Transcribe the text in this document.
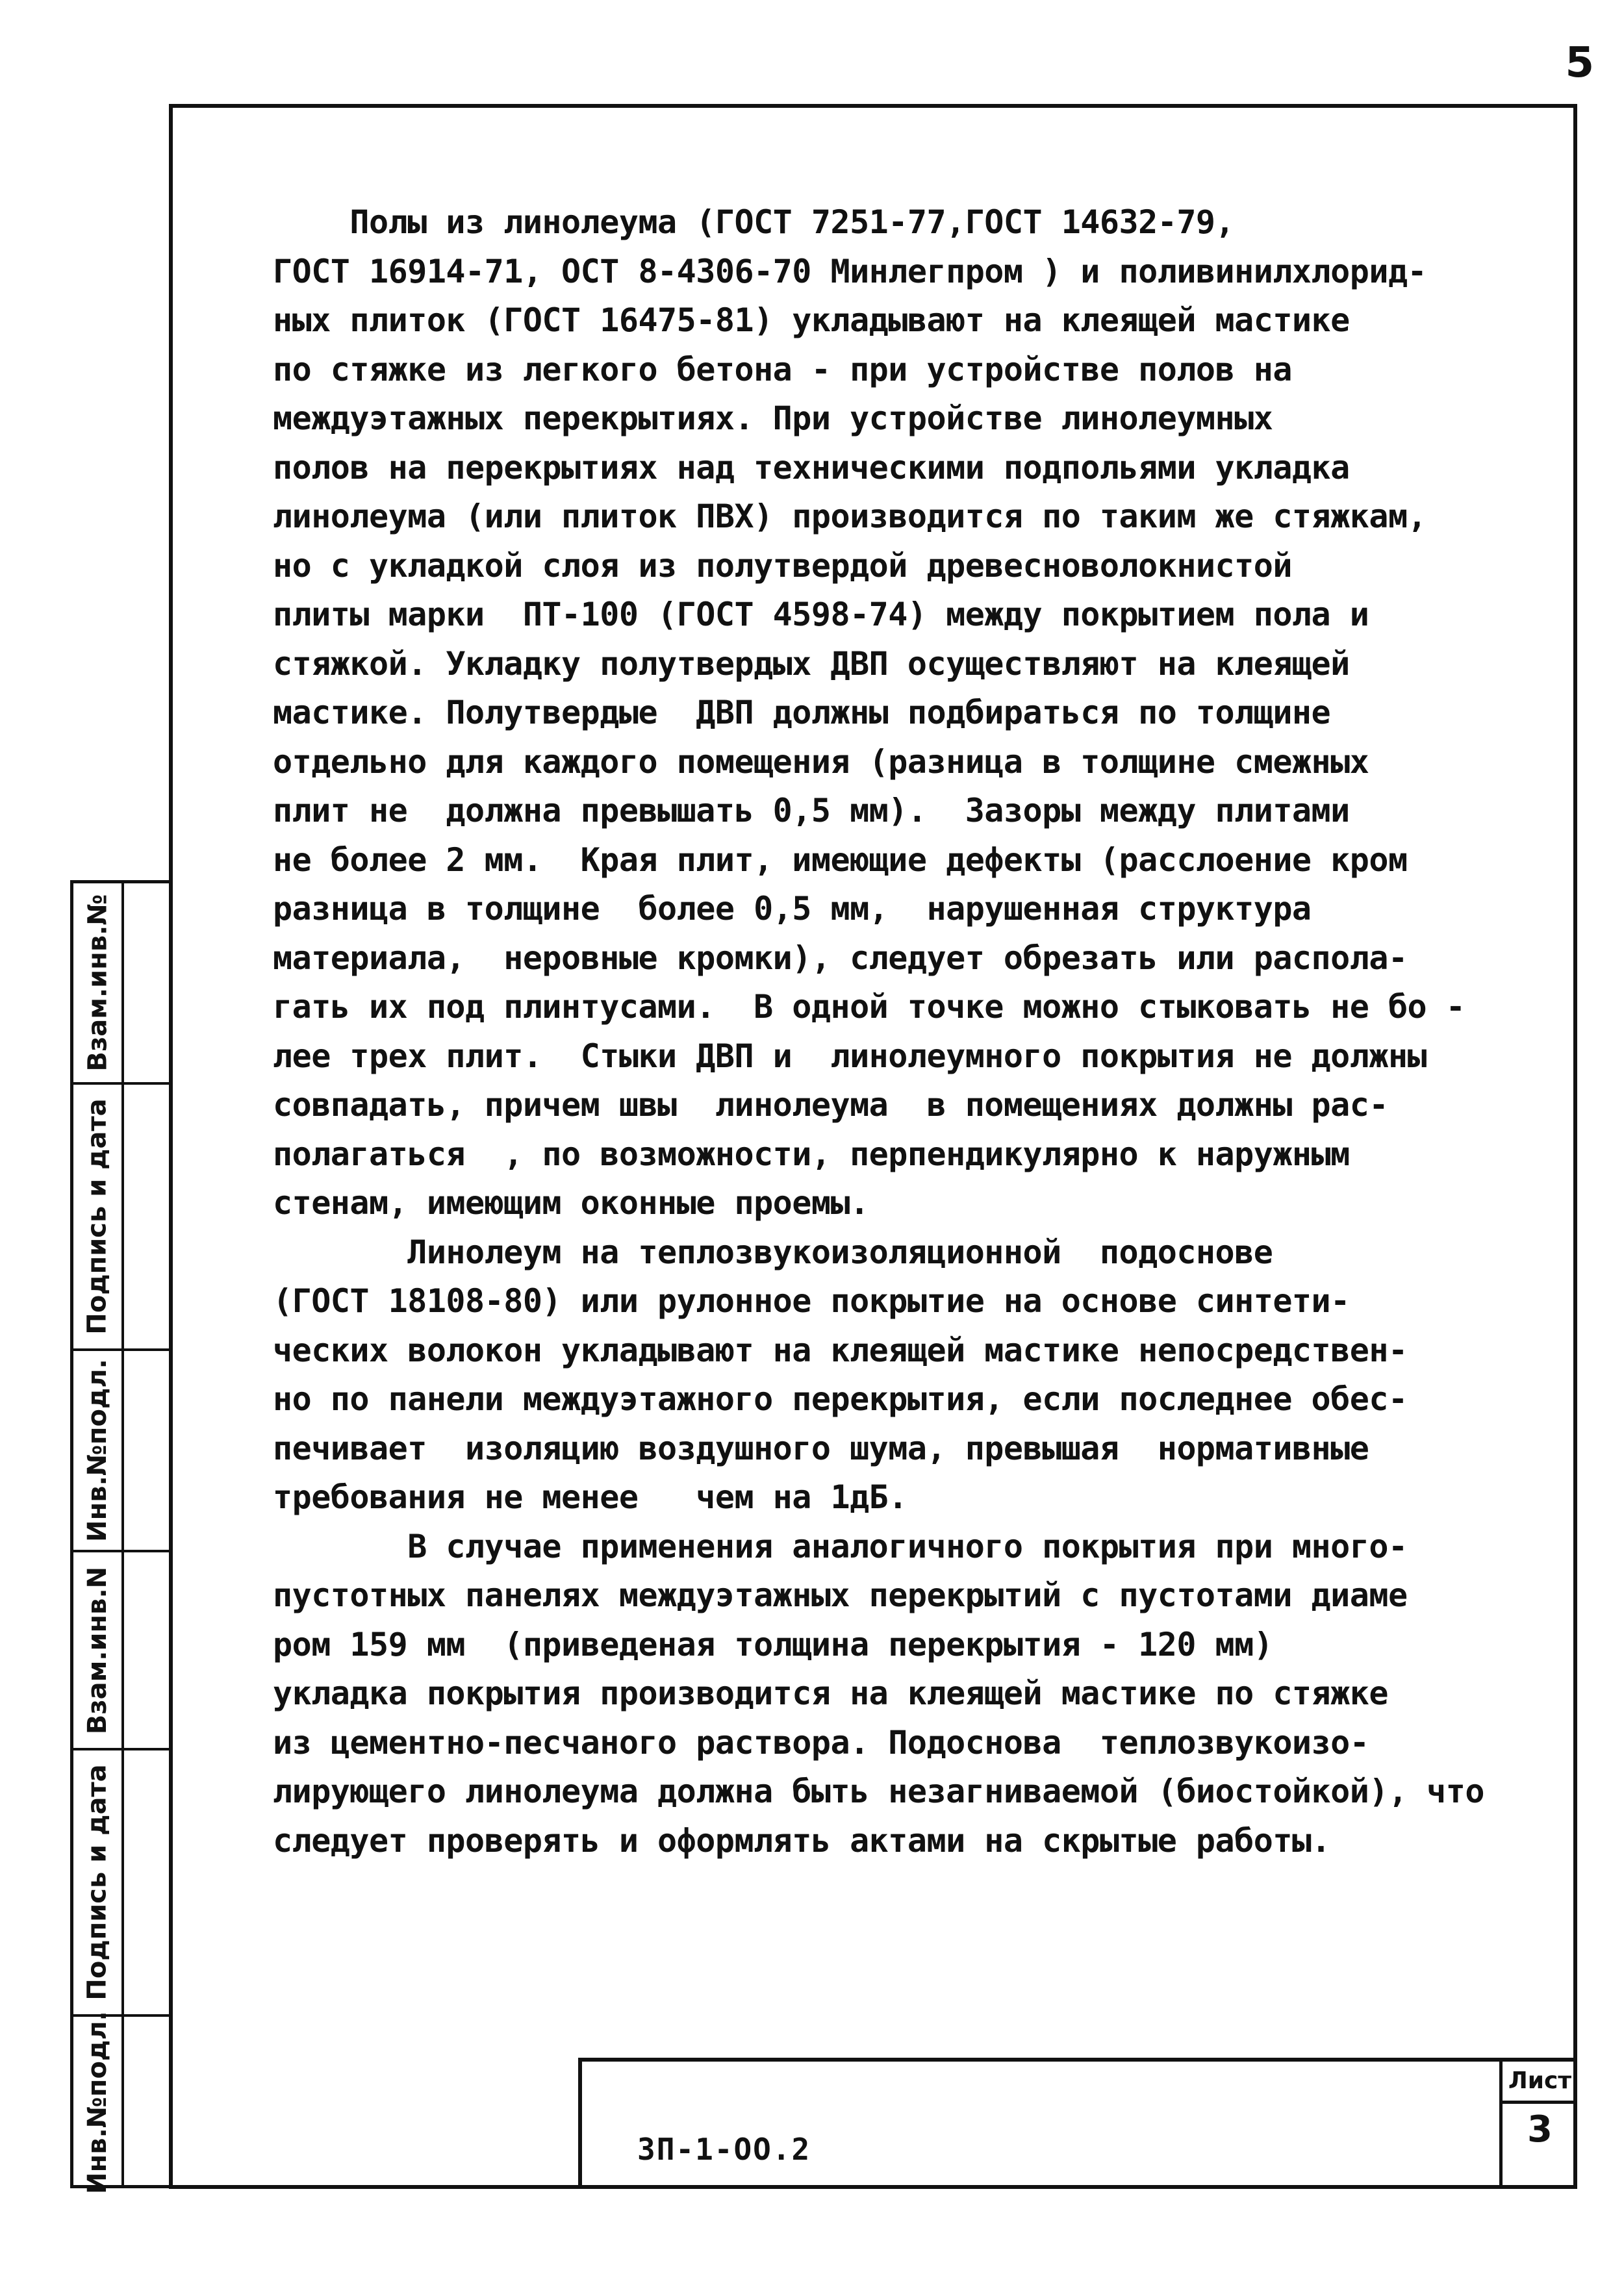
5
Полы из линолеума (ГОСТ 7251-77,ГОСТ 14632-79,
ГОСТ 16914-71, ОСТ 8-4306-70 Минлегпром ) и поливинилхлорид-
ных плиток (ГОСТ 16475-81) укладывают на клеящей мастике
по стяжке из легкого бетона - при устройстве полов на
междуэтажных перекрытиях. При устройстве линолеумных
полов на перекрытиях над техническими подпольями укладка
линолеума (или плиток ПВХ) производится по таким же стяжкам,
но с укладкой слоя из полутвердой древесноволокнистой
плиты марки  ПТ-100 (ГОСТ 4598-74) между покрытием пола и
стяжкой. Укладку полутвердых ДВП осуществляют на клеящей
мастике. Полутвердые  ДВП должны подбираться по толщине
отдельно для каждого помещения (разница в толщине смежных
плит не  должна превышать 0,5 мм).  Зазоры между плитами
не более 2 мм.  Края плит, имеющие дефекты (расслоение кром
разница в толщине  более 0,5 мм,  нарушенная структура
материала,  неровные кромки), следует обрезать или распола-
гать их под плинтусами.  В одной точке можно стыковать не бо -
лее трех плит.  Стыки ДВП и  линолеумного покрытия не должны
совпадать, причем швы  линолеума  в помещениях должны рас-
полагаться  , по возможности, перпендикулярно к наружным
стенам, имеющим оконные проемы.
Линолеум на теплозвукоизоляционной  подоснове
(ГОСТ 18108-80) или рулонное покрытие на основе синтети-
ческих волокон укладывают на клеящей мастике непосредствен-
но по панели междуэтажного перекрытия, если последнее обес-
печивает  изоляцию воздушного шума, превышая  нормативные
требования не менее   чем на 1дБ.
В случае применения аналогичного покрытия при много-
пустотных панелях междуэтажных перекрытий с пустотами диаме
ром 159 мм  (приведеная толщина перекрытия - 120 мм)
укладка покрытия производится на клеящей мастике по стяжке
из цементно-песчаного раствора. Подоснова  теплозвукоизо-
лирующего линолеума должна быть незагниваемой (биостойкой), что
следует проверять и оформлять актами на скрытые работы.
Взам.инв.№
Подпись и дата
Инв.№подл.
Взам.инв.N
Подпись и дата
Инв.№подл.	ЗП-1-ОО.2
Лист
3
